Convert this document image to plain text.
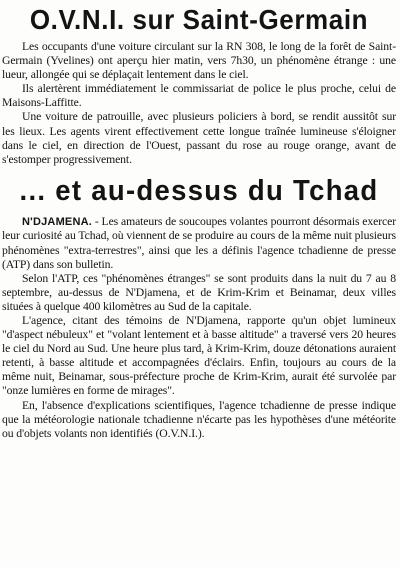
O.V.N.I. sur Saint-Germain

Les occupants d'une voiture circulant sur la RN 308, le long de la forêt de Saint-Germain (Yvelines) ont aperçu hier matin, vers 7h30, un phénomène étrange : une lueur, allongée qui se déplaçait lentement dans le ciel.

Ils alertèrent immédiatement le commissariat de police le plus proche, celui de Maisons-Laffitte.

Une voiture de patrouille, avec plusieurs policiers à bord, se rendit aussitôt sur les lieux. Les agents virent effectivement cette longue traînée lumineuse s'éloigner dans le ciel, en direction de l'Ouest, passant du rose au rouge orange, avant de s'estomper progressivement.

... et au-dessus du Tchad

N'DJAMENA. - Les amateurs de soucoupes volantes pourront désormais exercer leur curiosité au Tchad, où viennent de se produire au cours de la même nuit plusieurs phénomènes "extra-terrestres", ainsi que les a définis l'agence tchadienne de presse (ATP) dans son bulletin.

Selon l'ATP, ces "phénomènes étranges" se sont produits dans la nuit du 7 au 8 septembre, au-dessus de N'Djamena, et de Krim-Krim et Beinamar, deux villes situées à quelque 400 kilomètres au Sud de la capitale.

L'agence, citant des témoins de N'Djamena, rapporte qu'un objet lumineux "d'aspect nébuleux" et "volant lentement et à basse altitude" a traversé vers 20 heures le ciel du Nord au Sud. Une heure plus tard, à Krim-Krim, douze détonations auraient retenti, à basse altitude et accompagnées d'éclairs. Enfin, toujours au cours de la même nuit, Beinamar, sous-préfecture proche de Krim-Krim, aurait été survolée par "onze lumières en forme de mirages".

En, l'absence d'explications scientifiques, l'agence tchadienne de presse indique que la météorologie nationale tchadienne n'écarte pas les hypothèses d'une météorite ou d'objets volants non identifiés (O.V.N.I.).
